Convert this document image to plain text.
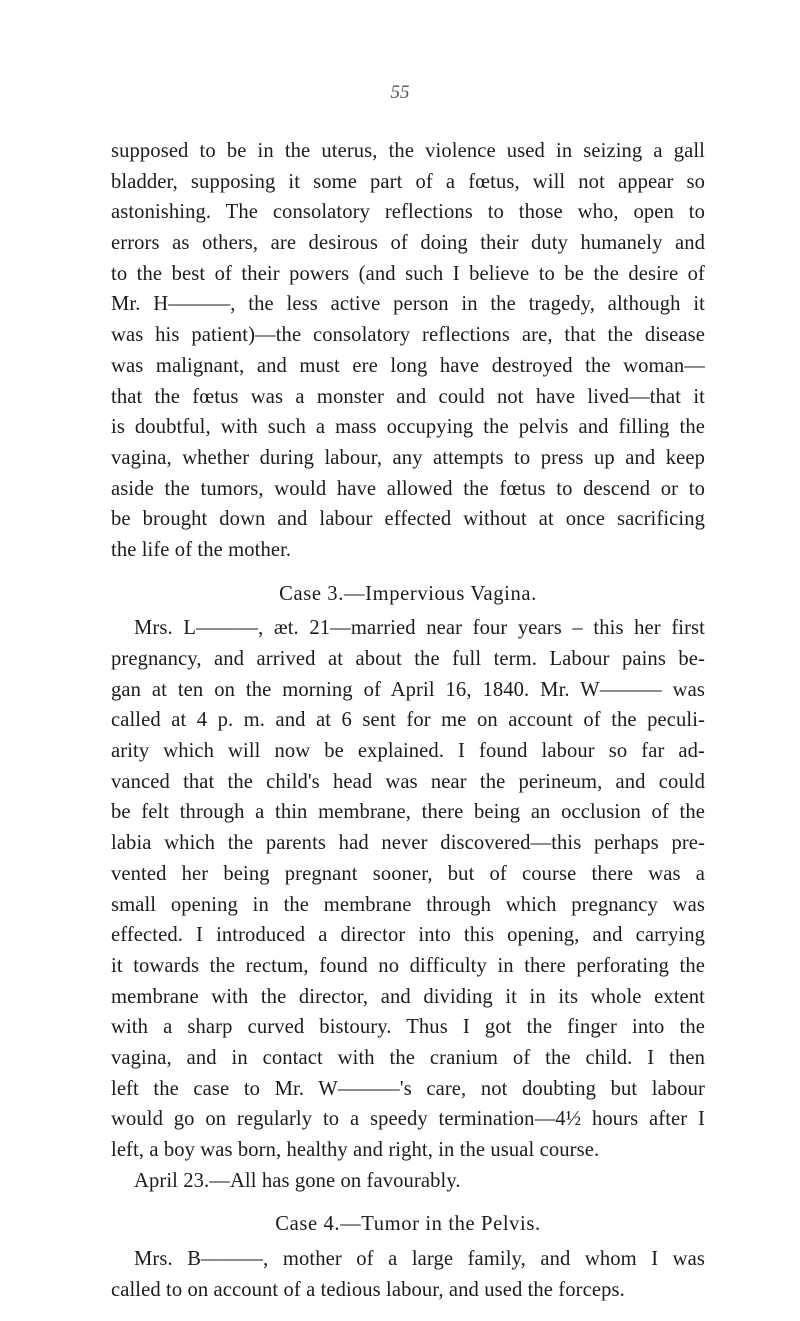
55
supposed to be in the uterus, the violence used in seizing a gall
bladder, supposing it some part of a fœtus, will not appear so
astonishing. The consolatory reflections to those who, open to
errors as others, are desirous of doing their duty humanely and
to the best of their powers (and such I believe to be the desire of
Mr. H———, the less active person in the tragedy, although it
was his patient)—the consolatory reflections are, that the disease
was malignant, and must ere long have destroyed the woman—
that the fœtus was a monster and could not have lived—that it
is doubtful, with such a mass occupying the pelvis and filling the
vagina, whether during labour, any attempts to press up and keep
aside the tumors, would have allowed the fœtus to descend or to
be brought down and labour effected without at once sacrificing
the life of the mother.
Case 3.—Impervious Vagina.
Mrs. L———, æt. 21—married near four years – this her first
pregnancy, and arrived at about the full term. Labour pains be-
gan at ten on the morning of April 16, 1840. Mr. W——— was
called at 4 p. m. and at 6 sent for me on account of the peculi-
arity which will now be explained. I found labour so far ad-
vanced that the child's head was near the perineum, and could
be felt through a thin membrane, there being an occlusion of the
labia which the parents had never discovered—this perhaps pre-
vented her being pregnant sooner, but of course there was a
small opening in the membrane through which pregnancy was
effected. I introduced a director into this opening, and carrying
it towards the rectum, found no difficulty in there perforating the
membrane with the director, and dividing it in its whole extent
with a sharp curved bistoury. Thus I got the finger into the
vagina, and in contact with the cranium of the child. I then
left the case to Mr. W———'s care, not doubting but labour
would go on regularly to a speedy termination—4½ hours after I
left, a boy was born, healthy and right, in the usual course.
April 23.—All has gone on favourably.
Case 4.—Tumor in the Pelvis.
Mrs. B———, mother of a large family, and whom I was
called to on account of a tedious labour, and used the forceps.
